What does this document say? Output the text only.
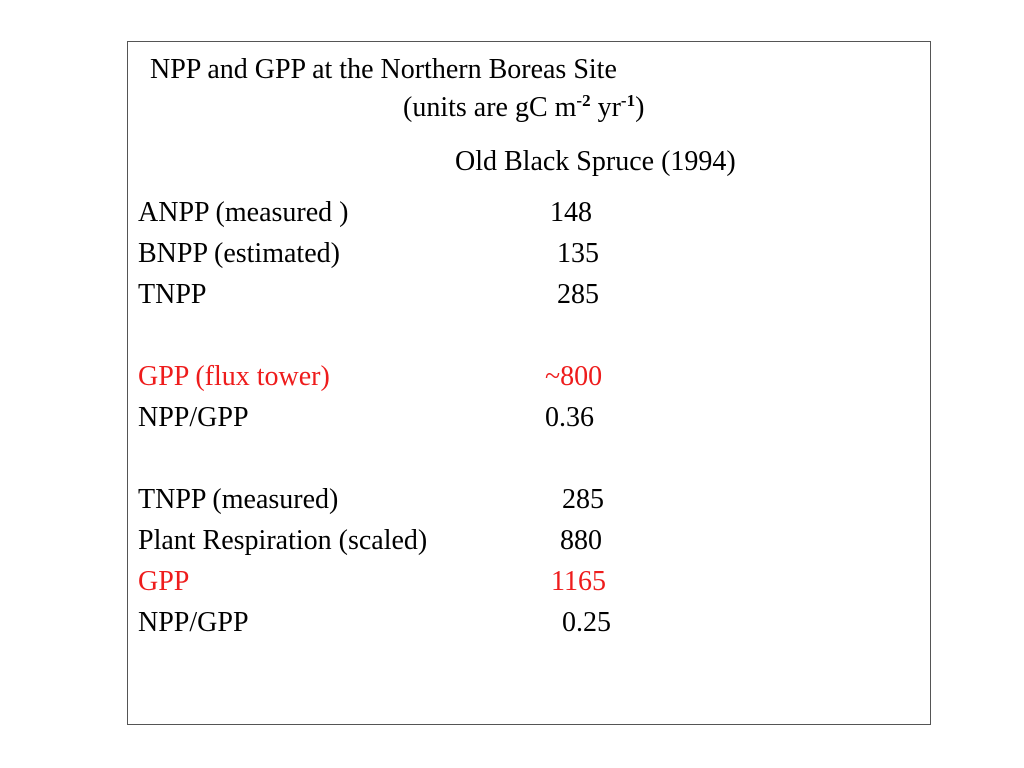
NPP and GPP at the Northern Boreas Site
(units are gC $m^{-2}$ $yr^{-1}$)
Old Black Spruce (1994)
ANPP (measured )	148
BNPP (estimated)	135
TNPP	285
GPP (flux tower)	~800
NPP/GPP	0.36
TNPP (measured)	285
Plant Respiration (scaled)	880
GPP	1165
NPP/GPP	0.25
